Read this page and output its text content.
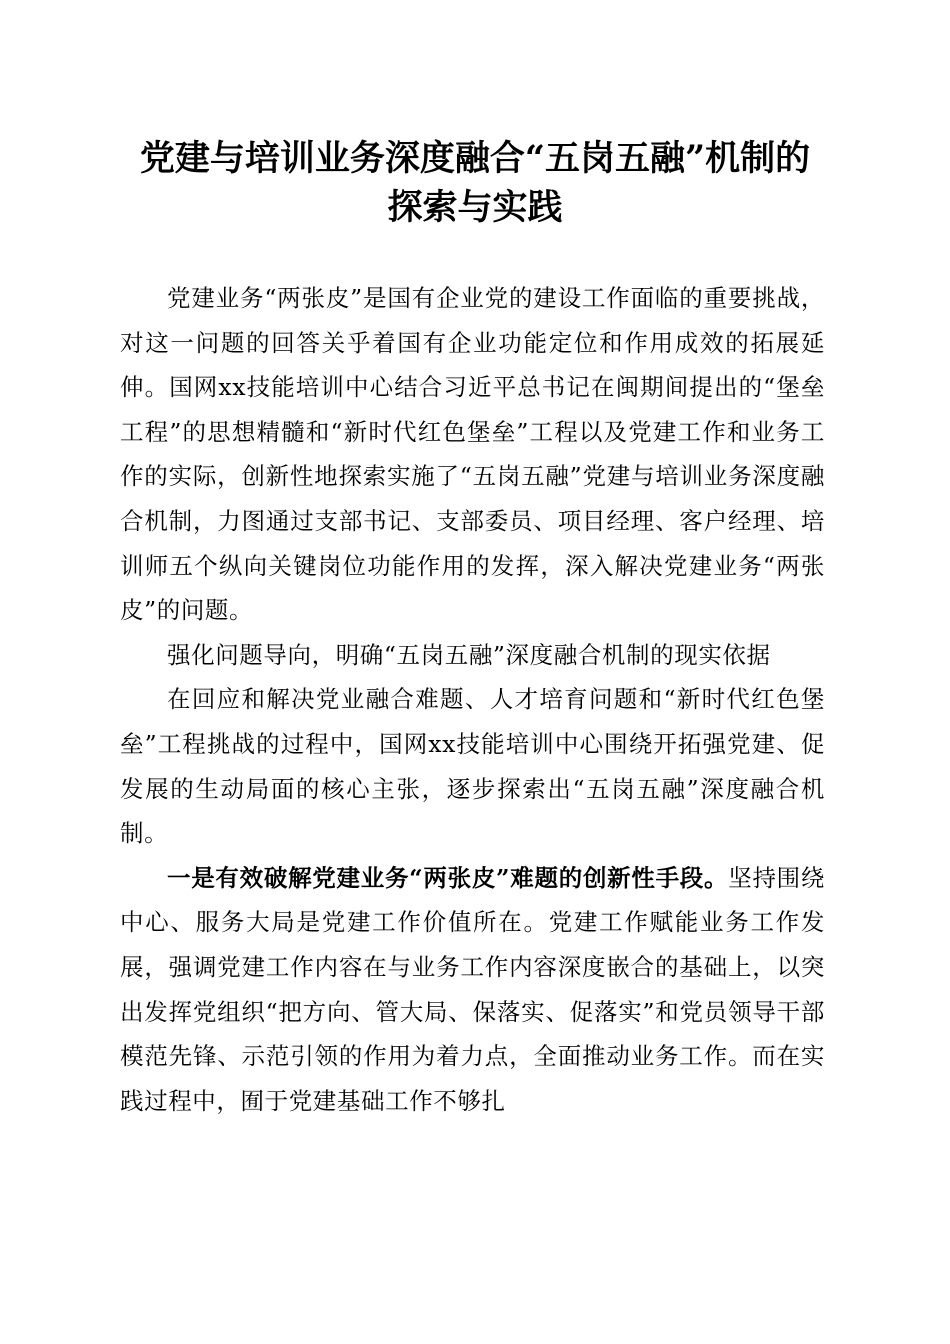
党建与培训业务深度融合“五岗五融”机制的
探索与实践

党建业务“两张皮”是国有企业党的建设工作面临的重要挑战，对这一问题的回答关乎着国有企业功能定位和作用成效的拓展延伸。国网xx技能培训中心结合习近平总书记在闽期间提出的“堡垒工程”的思想精髓和“新时代红色堡垒”工程以及党建工作和业务工作的实际，创新性地探索实施了“五岗五融”党建与培训业务深度融合机制，力图通过支部书记、支部委员、项目经理、客户经理、培训师五个纵向关键岗位功能作用的发挥，深入解决党建业务“两张皮”的问题。

强化问题导向，明确“五岗五融”深度融合机制的现实依据

在回应和解决党业融合难题、人才培育问题和“新时代红色堡垒”工程挑战的过程中，国网xx技能培训中心围绕开拓强党建、促发展的生动局面的核心主张，逐步探索出“五岗五融”深度融合机制。

一是有效破解党建业务“两张皮”难题的创新性手段。坚持围绕中心、服务大局是党建工作价值所在。党建工作赋能业务工作发展，强调党建工作内容在与业务工作内容深度嵌合的基础上，以突出发挥党组织“把方向、管大局、保落实、促落实”和党员领导干部模范先锋、示范引领的作用为着力点，全面推动业务工作。而在实践过程中，囿于党建基础工作不够扎
